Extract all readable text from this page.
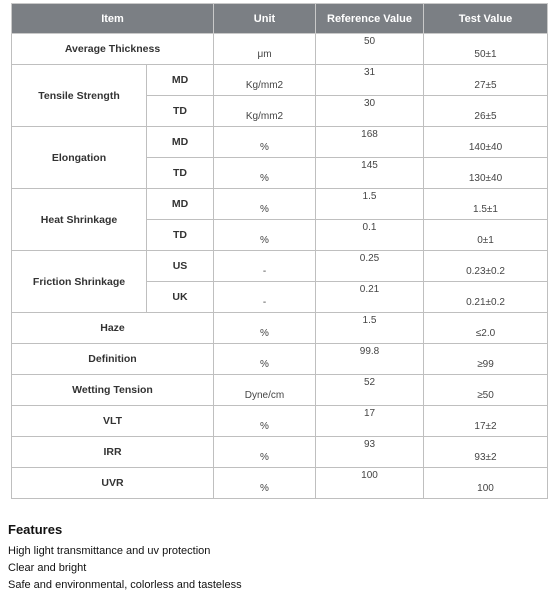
Item		Unit	Reference Value	Test Value
Average Thickness		μm	50	50±1
Tensile Strength	MD	Kg/mm2	31	27±5
	TD	Kg/mm2	30	26±5
Elongation	MD	%	168	140±40
	TD	%	145	130±40
Heat Shrinkage	MD	%	1.5	1.5±1
	TD	%	0.1	0±1
Friction Shrinkage	US	-	0.25	0.23±0.2
	UK	-	0.21	0.21±0.2
Haze		%	1.5	≤2.0
Definition		%	99.8	≥99
Wetting Tension		Dyne/cm	52	≥50
VLT		%	17	17±2
IRR		%	93	93±2
UVR		%	100	100
Features
High light transmittance and uv protection
Clear and bright
Safe and environmental, colorless and tasteless
